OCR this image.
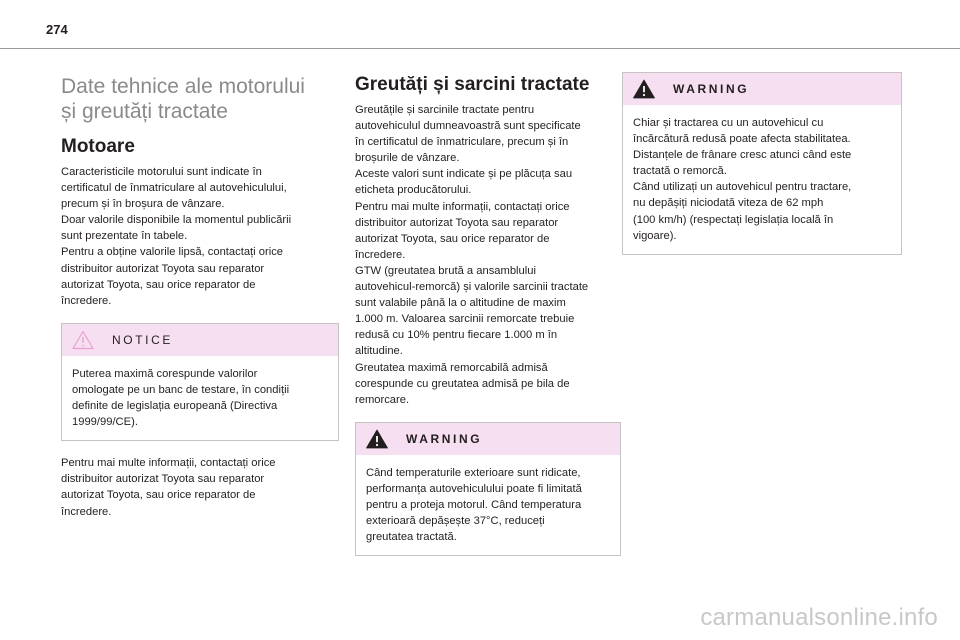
274
Date tehnice ale motorului
și greutăți tractate
Motoare

Caracteristicile motorului sunt indicate în
certificatul de înmatriculare al autovehiculului,
precum și în broșura de vânzare.
Doar valorile disponibile la momentul publicării
sunt prezentate în tabele.
Pentru a obține valorile lipsă, contactați orice
distribuitor autorizat Toyota sau reparator
autorizat Toyota, sau orice reparator de
încredere.

NOTICE

Puterea maximă corespunde valorilor
omologate pe un banc de testare, în condiții
definite de legislația europeană (Directiva
1999/99/CE).

Pentru mai multe informații, contactați orice
distribuitor autorizat Toyota sau reparator
autorizat Toyota, sau orice reparator de
încredere.

Greutăți și sarcini tractate

Greutățile și sarcinile tractate pentru
autovehiculul dumneavoastră sunt specificate
în certificatul de înmatriculare, precum și în
broșurile de vânzare.
Aceste valori sunt indicate și pe plăcuța sau
eticheta producătorului.
Pentru mai multe informații, contactați orice
distribuitor autorizat Toyota sau reparator
autorizat Toyota, sau orice reparator de
încredere.
GTW (greutatea brută a ansamblului
autovehicul-remorcă) și valorile sarcinii tractate
sunt valabile până la o altitudine de maxim
1.000 m. Valoarea sarcinii remorcate trebuie
redusă cu 10% pentru fiecare 1.000 m în
altitudine.
Greutatea maximă remorcabilă admisă
corespunde cu greutatea admisă pe bila de
remorcare.

WARNING

Când temperaturile exterioare sunt ridicate,
performanța autovehiculului poate fi limitată
pentru a proteja motorul. Când temperatura
exterioară depășește 37°C, reduceți
greutatea tractată.

WARNING

Chiar și tractarea cu un autovehicul cu
încărcătură redusă poate afecta stabilitatea.
Distanțele de frânare cresc atunci când este
tractată o remorcă.
Când utilizați un autovehicul pentru tractare,
nu depășiți niciodată viteza de 62 mph
(100 km/h) (respectați legislația locală în
vigoare).

carmanualsonline.info
